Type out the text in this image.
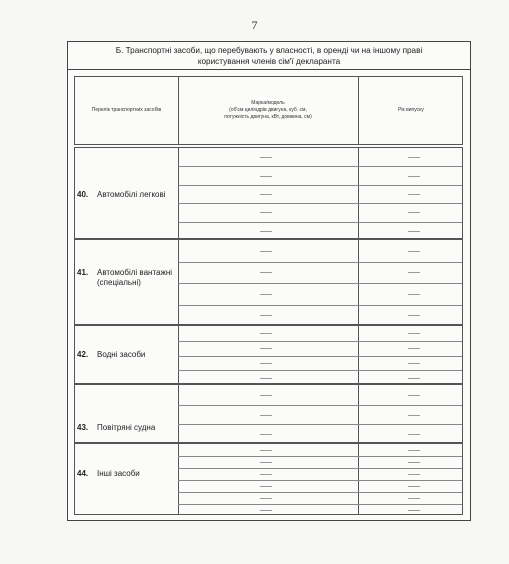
7
Б. Транспортні засоби, що перебувають у власності, в оренді чи на іншому праві
користування членів сім'ї декларанта
Перелік транспортних засобів
Марка/модель
(об'єм циліндрів двигуна, куб. см,
потужність двигуна, кВт, довжина, см)
Рік випуску
40. Автомобілі легкові
41. Автомобілі вантажні (спеціальні)
42. Водні засоби
43. Повітряні судна
44. Інші засоби
